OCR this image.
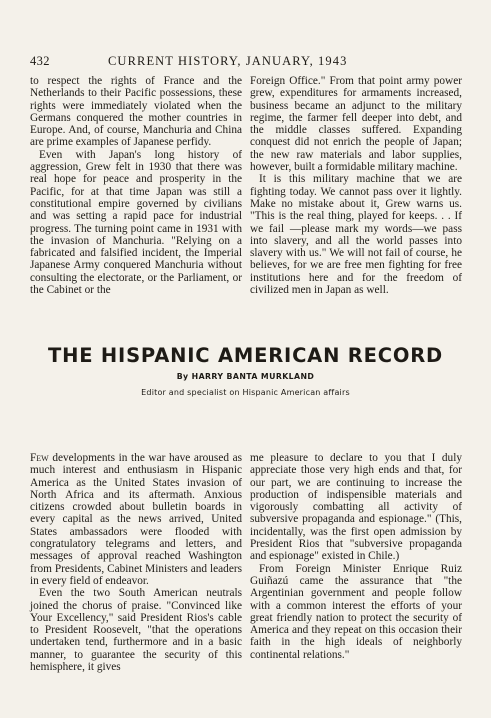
432	CURRENT HISTORY, JANUARY, 1943

to respect the rights of France and the Netherlands to their Pacific possessions, these rights were immediately violated when the Germans conquered the mother countries in Europe. And, of course, Manchuria and China are prime examples of Japanese perfidy.

Even with Japan's long history of aggression, Grew felt in 1930 that there was real hope for peace and prosperity in the Pacific, for at that time Japan was still a constitutional empire governed by civilians and was setting a rapid pace for industrial progress. The turning point came in 1931 with the invasion of Manchuria. "Relying on a fabricated and falsified incident, the Imperial Japanese Army conquered Manchuria without consulting the electorate, or the Parliament, or the Cabinet or the

Foreign Office." From that point army power grew, expenditures for armaments increased, business became an adjunct to the military regime, the farmer fell deeper into debt, and the middle classes suffered. Expanding conquest did not enrich the people of Japan; the new raw materials and labor supplies, however, built a formidable military machine.

It is this military machine that we are fighting today. We cannot pass over it lightly. Make no mistake about it, Grew warns us. "This is the real thing, played for keeps. . . If we fail —please mark my words—we pass into slavery, and all the world passes into slavery with us." We will not fail of course, he believes, for we are free men fighting for free institutions here and for the freedom of civilized men in Japan as well.

THE HISPANIC AMERICAN RECORD
By HARRY BANTA MURKLAND
Editor and specialist on Hispanic American affairs

Few developments in the war have aroused as much interest and enthusiasm in Hispanic America as the United States invasion of North Africa and its aftermath. Anxious citizens crowded about bulletin boards in every capital as the news arrived, United States ambassadors were flooded with congratulatory telegrams and letters, and messages of approval reached Washington from Presidents, Cabinet Ministers and leaders in every field of endeavor.

Even the two South American neutrals joined the chorus of praise. "Convinced like Your Excellency," said President Rios's cable to President Roosevelt, "that the operations undertaken tend, furthermore and in a basic manner, to guarantee the security of this hemisphere, it gives

me pleasure to declare to you that I duly appreciate those very high ends and that, for our part, we are continuing to increase the production of indispensible materials and vigorously combatting all activity of subversive propaganda and espionage." (This, incidentally, was the first open admission by President Rios that "subversive propaganda and espionage" existed in Chile.)

From Foreign Minister Enrique Ruiz Guiñazú came the assurance that "the Argentinian government and people follow with a common interest the efforts of your great friendly nation to protect the security of America and they repeat on this occasion their faith in the high ideals of neighborly continental relations."
